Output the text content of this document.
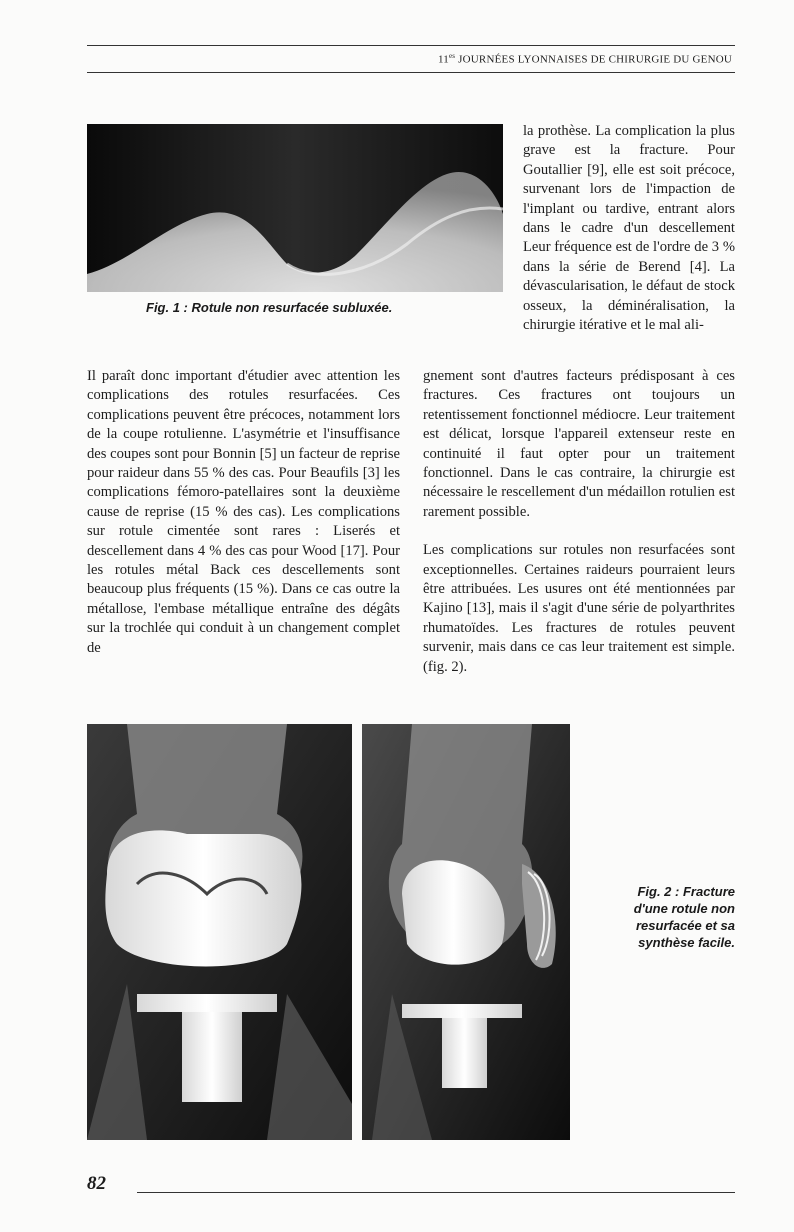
$11^{es}$ JOURNÉES LYONNAISES DE CHIRURGIE DU GENOU
Fig. 1 : Rotule non resurfacée subluxée.

la prothèse. La complication la plus grave est la fracture. Pour Goutallier [9], elle est soit précoce, survenant lors de l'impaction de l'implant ou tardive, entrant alors dans le cadre d'un descellement Leur fréquence est de l'ordre de 3 % dans la série de Berend [4]. La dévascularisation, le défaut de stock osseux, la déminéralisation, la chirurgie itérative et le mal ali-

Il paraît donc important d'étudier avec attention les complications des rotules resurfacées. Ces complications peuvent être précoces, notamment lors de la coupe rotulienne. L'asymétrie et l'insuffisance des coupes sont pour Bonnin [5] un facteur de reprise pour raideur dans 55 % des cas. Pour Beaufils [3] les complications fémoro-patellaires sont la deuxième cause de reprise (15 % des cas). Les complications sur rotule cimentée sont rares : Liserés et descellement dans 4 % des cas pour Wood [17]. Pour les rotules métal Back ces descellements sont beaucoup plus fréquents (15 %). Dans ce cas outre la métallose, l'embase métallique entraîne des dégâts sur la trochlée qui conduit à un changement complet de

gnement sont d'autres facteurs prédisposant à ces fractures. Ces fractures ont toujours un retentissement fonctionnel médiocre. Leur traitement est délicat, lorsque l'appareil extenseur reste en continuité il faut opter pour un traitement fonctionnel. Dans le cas contraire, la chirurgie est nécessaire le rescellement d'un médaillon rotulien est rarement possible.

Les complications sur rotules non resurfacées sont exceptionnelles. Certaines raideurs pourraient leurs être attribuées. Les usures ont été mentionnées par Kajino [13], mais il s'agit d'une série de polyarthrites rhumatoïdes. Les fractures de rotules peuvent survenir, mais dans ce cas leur traitement est simple. (fig. 2).

Fig. 2 : Fracture d'une rotule non resurfacée et sa synthèse facile.
82
